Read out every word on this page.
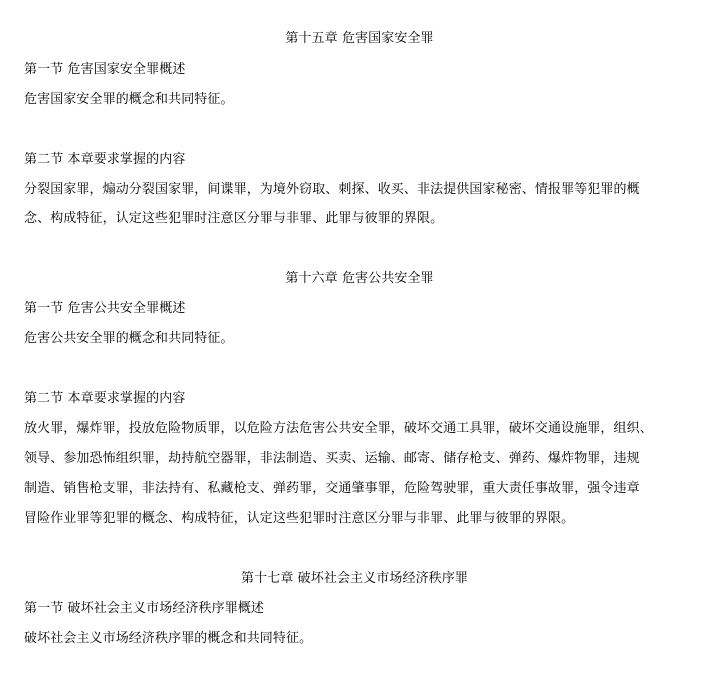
第十五章 危害国家安全罪
第一节 危害国家安全罪概述
危害国家安全罪的概念和共同特征。
第二节 本章要求掌握的内容
分裂国家罪，煽动分裂国家罪，间谍罪，为境外窃取、刺探、收买、非法提供国家秘密、情报罪等犯罪的概
念、构成特征，认定这些犯罪时注意区分罪与非罪、此罪与彼罪的界限。
第十六章 危害公共安全罪
第一节 危害公共安全罪概述
危害公共安全罪的概念和共同特征。
第二节 本章要求掌握的内容
放火罪，爆炸罪，投放危险物质罪，以危险方法危害公共安全罪，破坏交通工具罪，破坏交通设施罪，组织、
领导、参加恐怖组织罪，劫持航空器罪，非法制造、买卖、运输、邮寄、储存枪支、弹药、爆炸物罪，违规
制造、销售枪支罪，非法持有、私藏枪支、弹药罪，交通肇事罪，危险驾驶罪，重大责任事故罪，强令违章
冒险作业罪等犯罪的概念、构成特征，认定这些犯罪时注意区分罪与非罪、此罪与彼罪的界限。
第十七章 破坏社会主义市场经济秩序罪
第一节 破坏社会主义市场经济秩序罪概述
破坏社会主义市场经济秩序罪的概念和共同特征。
